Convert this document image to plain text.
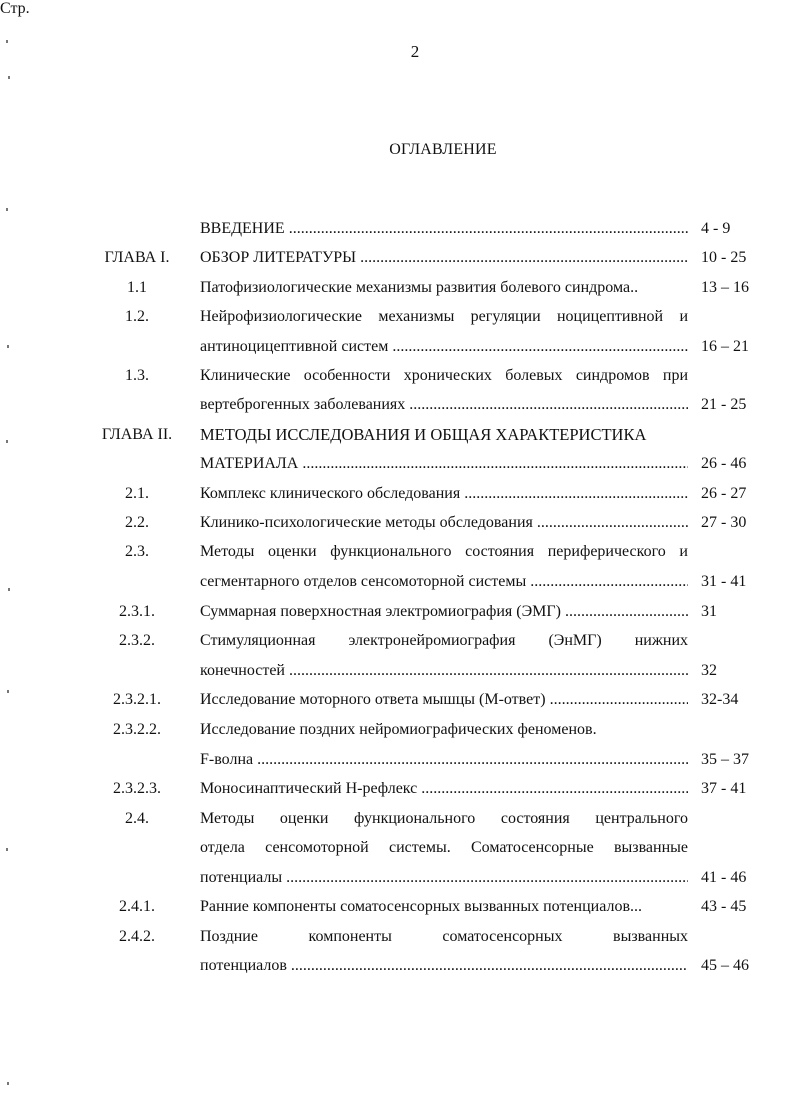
2
ОГЛАВЛЕНИЕ
Стр.
ВВЕДЕНИЕ .....	4 - 9
ГЛАВА I.	ОБЗОР ЛИТЕРАТУРЫ .....	10 - 25
1.1	Патофизиологические механизмы развития болевого синдрома..	13 – 16
1.2.	Нейрофизиологические механизмы регуляции ноцицептивной и
антиноцицептивной систем .....	16 – 21
1.3.	Клинические особенности хронических болевых синдромов при
вертеброгенных заболеваниях .....	21 - 25
ГЛАВА II.	МЕТОДЫ ИССЛЕДОВАНИЯ И ОБЩАЯ ХАРАКТЕРИСТИКА
МАТЕРИАЛА .....	26 - 46
2.1.	Комплекс клинического обследования .....	26 - 27
2.2.	Клинико-психологические методы обследования .....	27 - 30
2.3.	Методы оценки функционального состояния периферического и
сегментарного отделов сенсомоторной системы .....	31 - 41
2.3.1.	Суммарная поверхностная электромиография (ЭМГ) .....	31
2.3.2.	Стимуляционная электронейромиография (ЭнМГ) нижних
конечностей .....	32
2.3.2.1.	Исследование моторного ответа мышцы (М-ответ) .....	32-34
2.3.2.2.	Исследование поздних нейромиографических феноменов.
F-волна .....	35 – 37
2.3.2.3.	Моносинаптический Н-рефлекс .....	37 - 41
2.4.	Методы оценки функционального состояния центрального
отдела сенсомоторной системы. Соматосенсорные вызванные
потенциалы .....	41 - 46
2.4.1.	Ранние компоненты соматосенсорных вызванных потенциалов...	43 - 45
2.4.2.	Поздние компоненты соматосенсорных вызванных
потенциалов .....	45 – 46
